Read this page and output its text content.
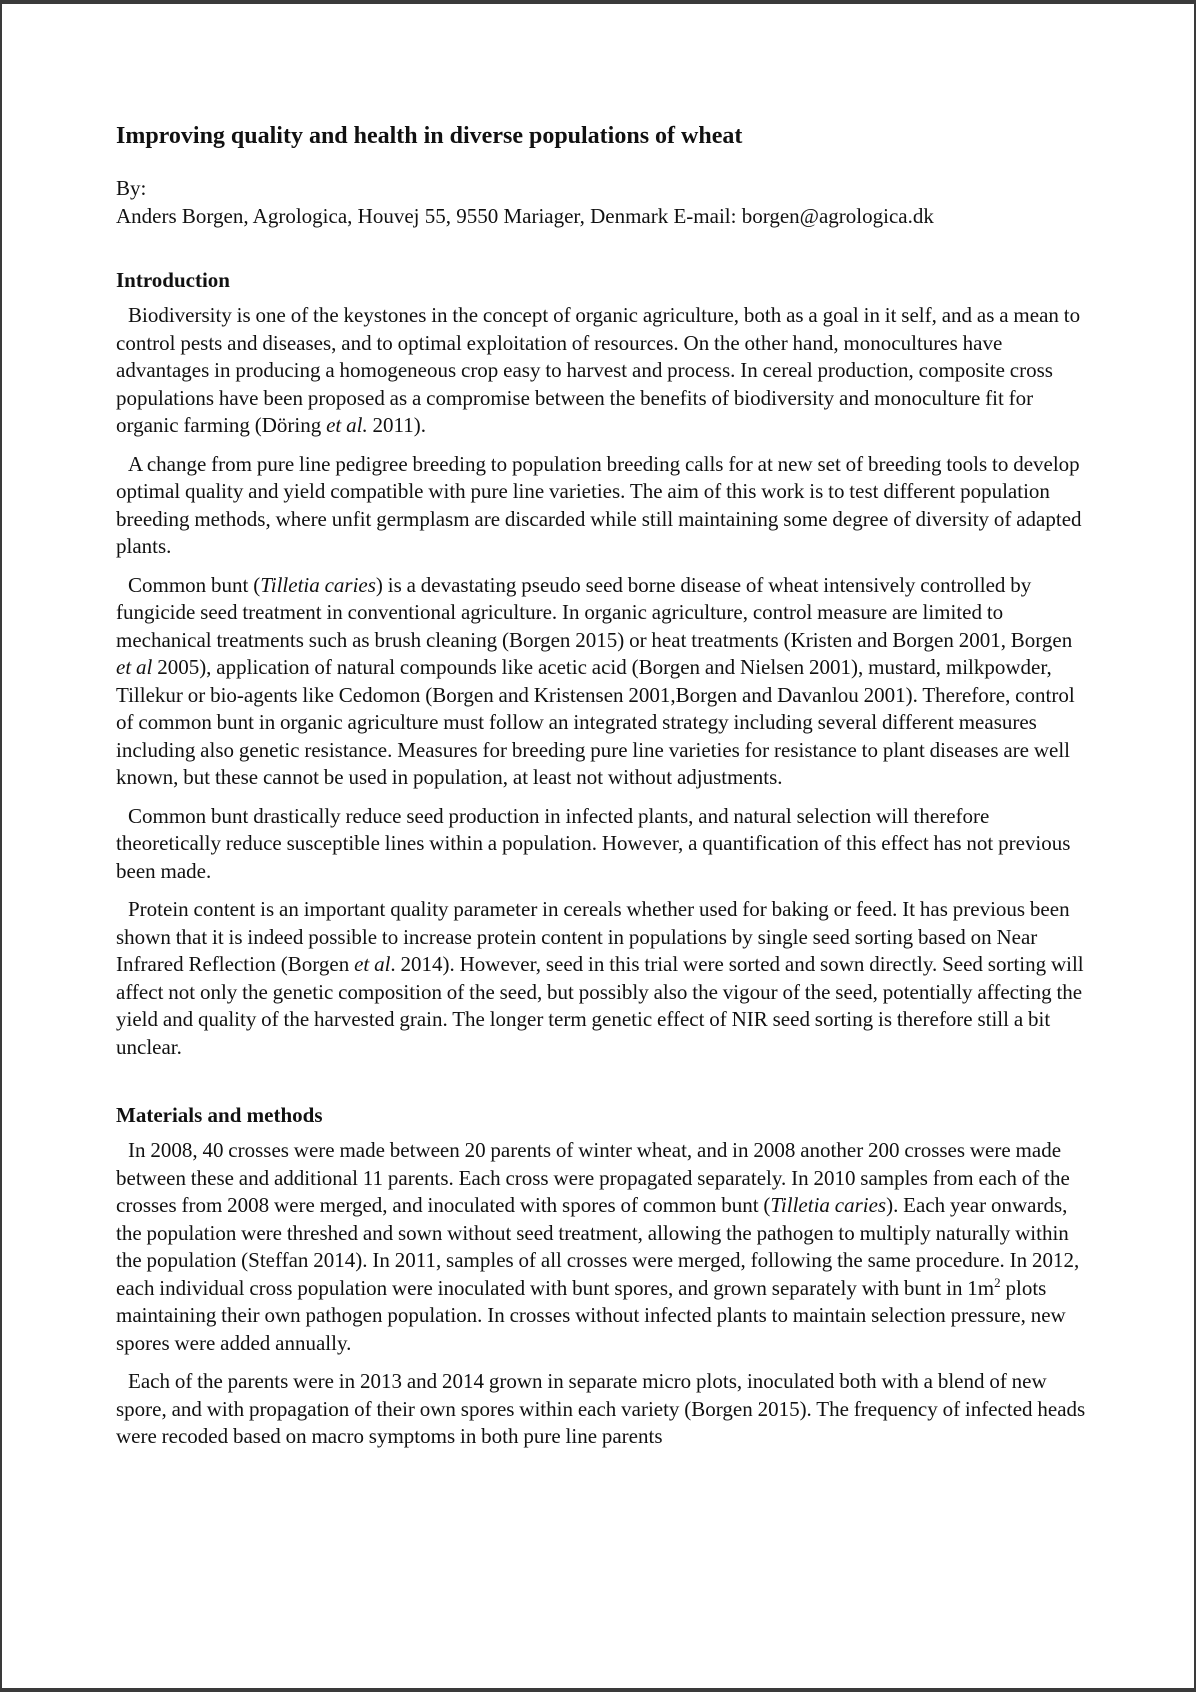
Improving quality and health in diverse populations of wheat

By:

Anders Borgen, Agrologica, Houvej 55, 9550 Mariager, Denmark E-mail: borgen@agrologica.dk

Introduction

Biodiversity is one of the keystones in the concept of organic agriculture, both as a goal in it self, and as a mean to control pests and diseases, and to optimal exploitation of resources. On the other hand, monocultures have advantages in producing a homogeneous crop easy to harvest and process. In cereal production, composite cross populations have been proposed as a compromise between the benefits of biodiversity and monoculture fit for organic farming (Döring et al. 2011).

A change from pure line pedigree breeding to population breeding calls for at new set of breeding tools to develop optimal quality and yield compatible with pure line varieties. The aim of this work is to test different population breeding methods, where unfit germplasm are discarded while still maintaining some degree of diversity of adapted plants.

Common bunt (Tilletia caries) is a devastating pseudo seed borne disease of wheat intensively controlled by fungicide seed treatment in conventional agriculture. In organic agriculture, control measure are limited to mechanical treatments such as brush cleaning (Borgen 2015) or heat treatments (Kristen and Borgen 2001, Borgen et al 2005), application of natural compounds like acetic acid (Borgen and Nielsen 2001), mustard, milkpowder, Tillekur or bio-agents like Cedomon (Borgen and Kristensen 2001,Borgen and Davanlou 2001). Therefore, control of common bunt in organic agriculture must follow an integrated strategy including several different measures including also genetic resistance. Measures for breeding pure line varieties for resistance to plant diseases are well known, but these cannot be used in population, at least not without adjustments.

Common bunt drastically reduce seed production in infected plants, and natural selection will therefore theoretically reduce susceptible lines within a population. However, a quantification of this effect has not previous been made.

Protein content is an important quality parameter in cereals whether used for baking or feed. It has previous been shown that it is indeed possible to increase protein content in populations by single seed sorting based on Near Infrared Reflection (Borgen et al. 2014). However, seed in this trial were sorted and sown directly. Seed sorting will affect not only the genetic composition of the seed, but possibly also the vigour of the seed, potentially affecting the yield and quality of the harvested grain. The longer term genetic effect of NIR seed sorting is therefore still a bit unclear.

Materials and methods

In 2008, 40 crosses were made between 20 parents of winter wheat, and in 2008 another 200 crosses were made between these and additional 11 parents. Each cross were propagated separately. In 2010 samples from each of the crosses from 2008 were merged, and inoculated with spores of common bunt (Tilletia caries). Each year onwards, the population were threshed and sown without seed treatment, allowing the pathogen to multiply naturally within the population (Steffan 2014). In 2011, samples of all crosses were merged, following the same procedure. In 2012, each individual cross population were inoculated with bunt spores, and grown separately with bunt in $1m^2$ plots maintaining their own pathogen population. In crosses without infected plants to maintain selection pressure, new spores were added annually.

Each of the parents were in 2013 and 2014 grown in separate micro plots, inoculated both with a blend of new spore, and with propagation of their own spores within each variety (Borgen 2015). The frequency of infected heads were recoded based on macro symptoms in both pure line parents
